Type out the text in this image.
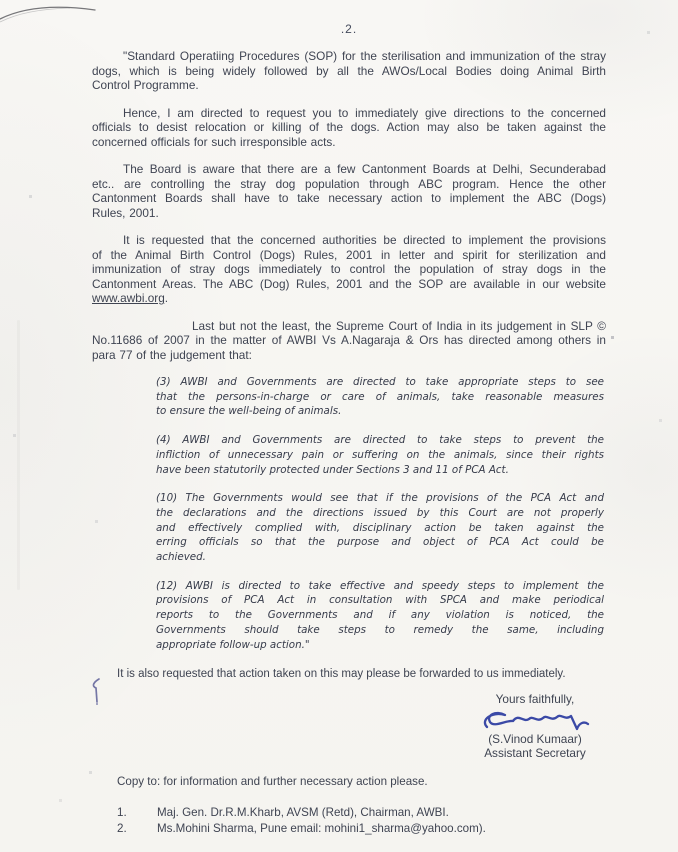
.2.
"Standard Operatiing Procedures (SOP) for the sterilisation and immunization of the stray
dogs, which is being widely followed by all the AWOs/Local Bodies doing Animal Birth
Control Programme.
Hence, I am directed to request you to immediately give directions to the concerned
officials to desist relocation or killing of the dogs. Action may also be taken against the
concerned officials for such irresponsible acts.
The Board is aware that there are a few Cantonment Boards at Delhi, Secunderabad
etc.. are controlling the stray dog population through ABC program. Hence the other
Cantonment Boards shall have to take necessary action to implement the ABC (Dogs)
Rules, 2001.
It is requested that the concerned authorities be directed to implement the provisions
of the Animal Birth Control (Dogs) Rules, 2001 in letter and spirit for sterilization and
immunization of stray dogs immediately to control the population of stray dogs in the
Cantonment Areas. The ABC (Dog) Rules, 2001 and the SOP are available in our website
www.awbi.org.
Last but not the least, the Supreme Court of India in its judgement in SLP ©
No.11686 of 2007 in the matter of AWBI Vs A.Nagaraja & Ors has directed among others in
para 77 of the judgement that:
(3) AWBI and Governments are directed to take appropriate steps to see
that the persons-in-charge or care of animals, take reasonable measures
to ensure the well-being of animals.
(4) AWBI and Governments are directed to take steps to prevent the
infliction of unnecessary pain or suffering on the animals, since their rights
have been statutorily protected under Sections 3 and 11 of PCA Act.
(10) The Governments would see that if the provisions of the PCA Act and
the declarations and the directions issued by this Court are not properly
and effectively complied with, disciplinary action be taken against the
erring officials so that the purpose and object of PCA Act could be
achieved.
(12) AWBI is directed to take effective and speedy steps to implement the
provisions of PCA Act in consultation with SPCA and make periodical
reports to the Governments and if any violation is noticed, the
Governments should take steps to remedy the same, including
appropriate follow-up action."
It is also requested that action taken on this may please be forwarded to us immediately.
Yours faithfully,
(S.Vinod Kumaar)
Assistant Secretary
Copy to: for information and further necessary action please.
1.	Maj. Gen. Dr.R.M.Kharb, AVSM (Retd), Chairman, AWBI.
2.	Ms.Mohini Sharma, Pune email: mohini1_sharma@yahoo.com).
